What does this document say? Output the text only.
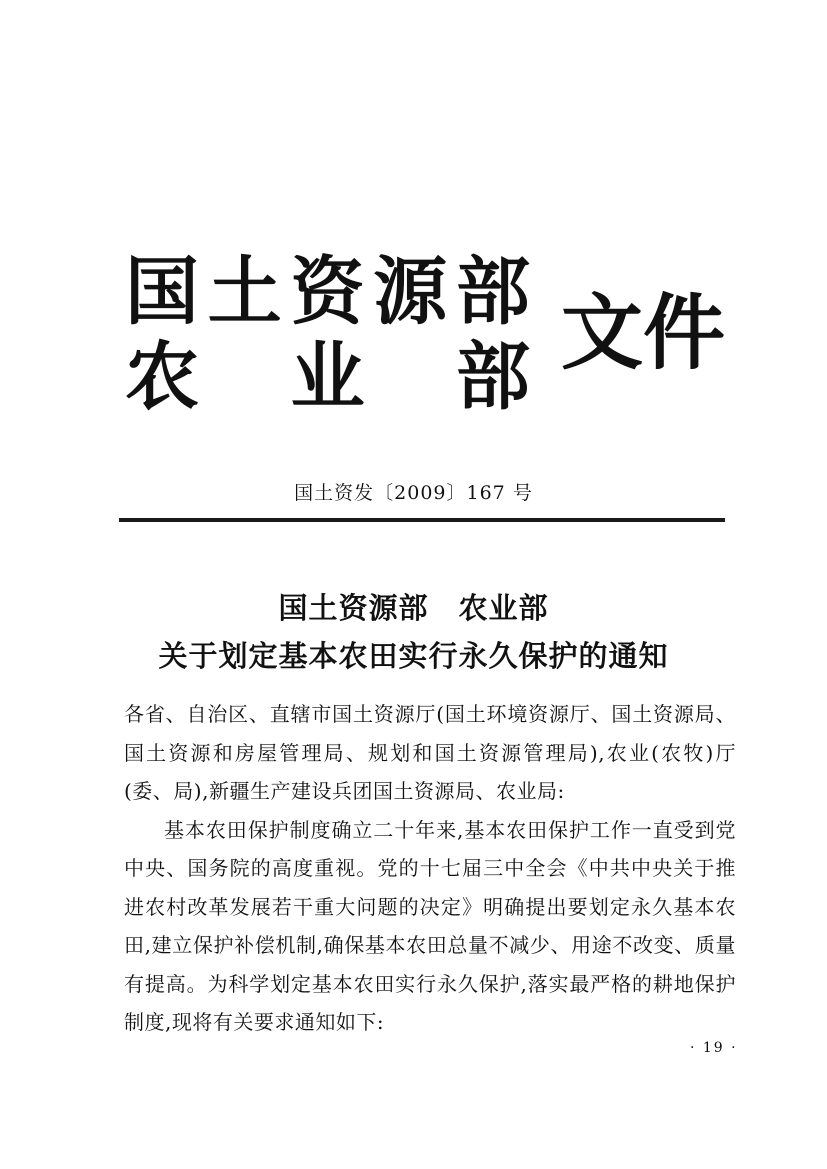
国 土 资 源 部
农 业 部 文件
国土资发〔2009〕167 号
国土资源部　农业部
关于划定基本农田实行永久保护的通知

各省、自治区、直辖市国土资源厅(国土环境资源厅、国土资源局、国土资源和房屋管理局、规划和国土资源管理局),农业(农牧)厅(委、局),新疆生产建设兵团国土资源局、农业局:

基本农田保护制度确立二十年来,基本农田保护工作一直受到党中央、国务院的高度重视。党的十七届三中全会《中共中央关于推进农村改革发展若干重大问题的决定》明确提出要划定永久基本农田,建立保护补偿机制,确保基本农田总量不减少、用途不改变、质量有提高。为科学划定基本农田实行永久保护,落实最严格的耕地保护制度,现将有关要求通知如下:

· 19 ·
